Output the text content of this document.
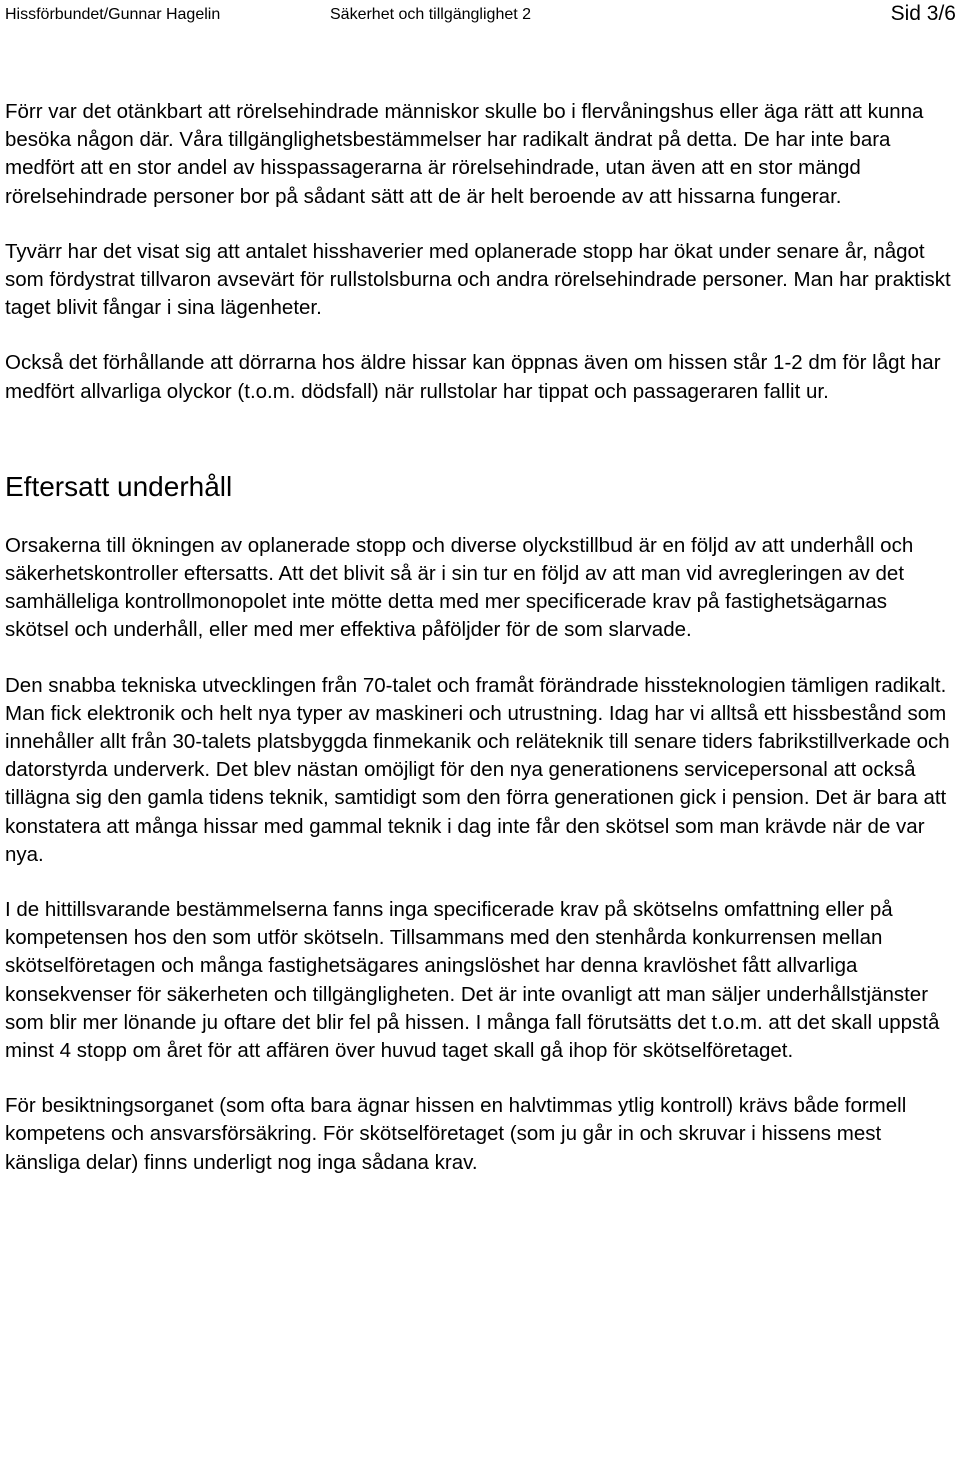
Hissförbundet/Gunnar Hagelin	Säkerhet och tillgänglighet 2	Sid 3/6

Förr var det otänkbart att rörelsehindrade människor skulle bo i flervåningshus eller äga rätt att kunna besöka någon där. Våra tillgänglighetsbestämmelser har radikalt ändrat på detta. De har inte bara medfört att en stor andel av hisspassagerarna är rörelsehindrade, utan även att en stor mängd rörelsehindrade personer bor på sådant sätt att de är helt beroende av att hissarna fungerar.

Tyvärr har det visat sig att antalet hisshaverier med oplanerade stopp har ökat under senare år, något som fördystrat tillvaron avsevärt för rullstolsburna och andra rörelsehindrade personer. Man har praktiskt taget blivit fångar i sina lägenheter.

Också det förhållande att dörrarna hos äldre hissar kan öppnas även om hissen står 1-2 dm för lågt har medfört allvarliga olyckor (t.o.m. dödsfall) när rullstolar har tippat och passageraren fallit ur.

Eftersatt underhåll

Orsakerna till ökningen av oplanerade stopp och diverse olyckstillbud är en följd av att underhåll och säkerhetskontroller eftersatts. Att det blivit så är i sin tur en följd av att man vid avregleringen av det samhälleliga kontrollmonopolet inte mötte detta med mer specificerade krav på fastighetsägarnas skötsel och underhåll, eller med mer effektiva påföljder för de som slarvade.

Den snabba tekniska utvecklingen från 70-talet och framåt förändrade hissteknologien tämligen radikalt. Man fick elektronik och helt nya typer av maskineri och utrustning. Idag har vi alltså ett hissbestånd som innehåller allt från 30-talets platsbyggda finmekanik och reläteknik till senare tiders fabrikstillverkade och datorstyrda underverk. Det blev nästan omöjligt för den nya generationens servicepersonal att också tillägna sig den gamla tidens teknik, samtidigt som den förra generationen gick i pension. Det är bara att konstatera att många hissar med gammal teknik i dag inte får den skötsel som man krävde när de var nya.

I de hittillsvarande bestämmelserna fanns inga specificerade krav på skötselns omfattning eller på kompetensen hos den som utför skötseln. Tillsammans med den stenhårda konkurrensen mellan skötselföretagen och många fastighetsägares aningslöshet har denna kravlöshet fått allvarliga konsekvenser för säkerheten och tillgängligheten. Det är inte ovanligt att man säljer underhållstjänster som blir mer lönande ju oftare det blir fel på hissen. I många fall förutsätts det t.o.m. att det skall uppstå minst 4 stopp om året för att affären över huvud taget skall gå ihop för skötselföretaget.

För besiktningsorganet (som ofta bara ägnar hissen en halvtimmas ytlig kontroll) krävs både formell kompetens och ansvarsförsäkring. För skötselföretaget (som ju går in och skruvar i hissens mest känsliga delar) finns underligt nog inga sådana krav.
